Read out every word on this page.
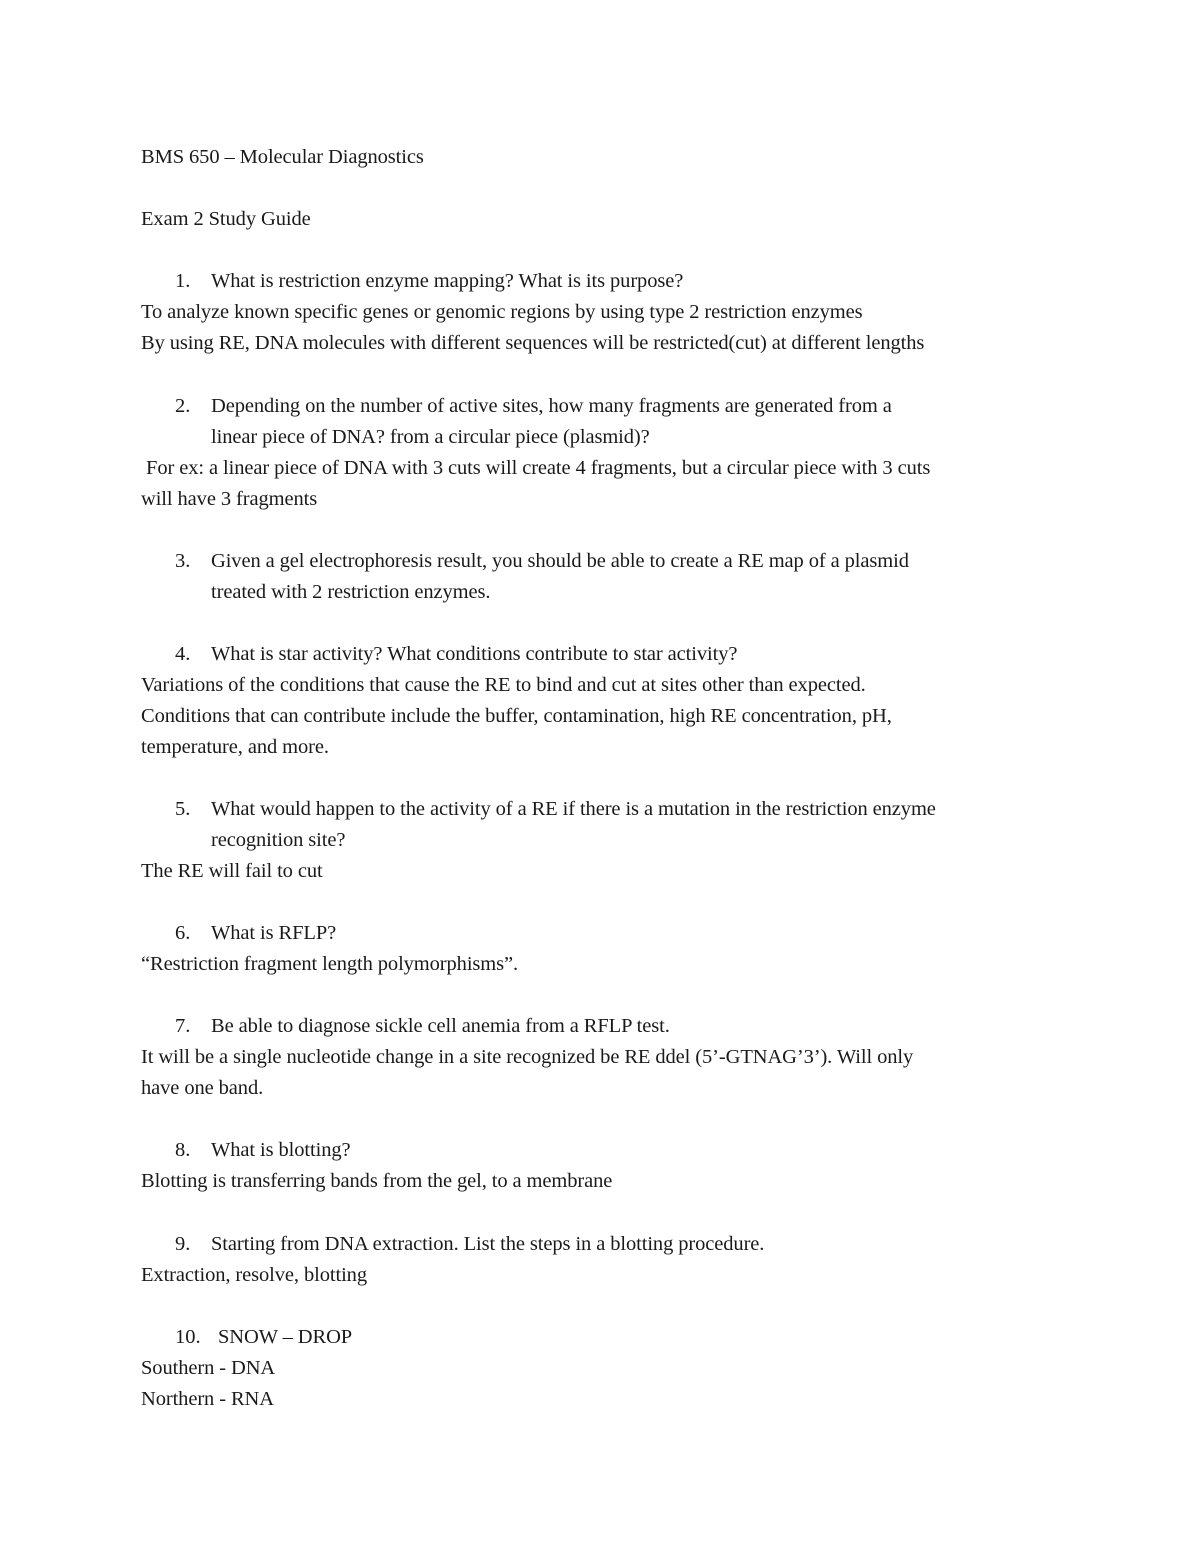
BMS 650 – Molecular Diagnostics
Exam 2 Study Guide
1. What is restriction enzyme mapping? What is its purpose?
To analyze known specific genes or genomic regions by using type 2 restriction enzymes
By using RE, DNA molecules with different sequences will be restricted(cut) at different lengths
2. Depending on the number of active sites, how many fragments are generated from a
linear piece of DNA? from a circular piece (plasmid)?
For ex: a linear piece of DNA with 3 cuts will create 4 fragments, but a circular piece with 3 cuts
will have 3 fragments
3. Given a gel electrophoresis result, you should be able to create a RE map of a plasmid
treated with 2 restriction enzymes.
4. What is star activity? What conditions contribute to star activity?
Variations of the conditions that cause the RE to bind and cut at sites other than expected.
Conditions that can contribute include the buffer, contamination, high RE concentration, pH,
temperature, and more.
5. What would happen to the activity of a RE if there is a mutation in the restriction enzyme
recognition site?
The RE will fail to cut
6. What is RFLP?
“Restriction fragment length polymorphisms”.
7. Be able to diagnose sickle cell anemia from a RFLP test.
It will be a single nucleotide change in a site recognized be RE ddel (5’-GTNAG’3’). Will only
have one band.
8. What is blotting?
Blotting is transferring bands from the gel, to a membrane
9. Starting from DNA extraction. List the steps in a blotting procedure.
Extraction, resolve, blotting
10. SNOW – DROP
Southern - DNA
Northern - RNA
